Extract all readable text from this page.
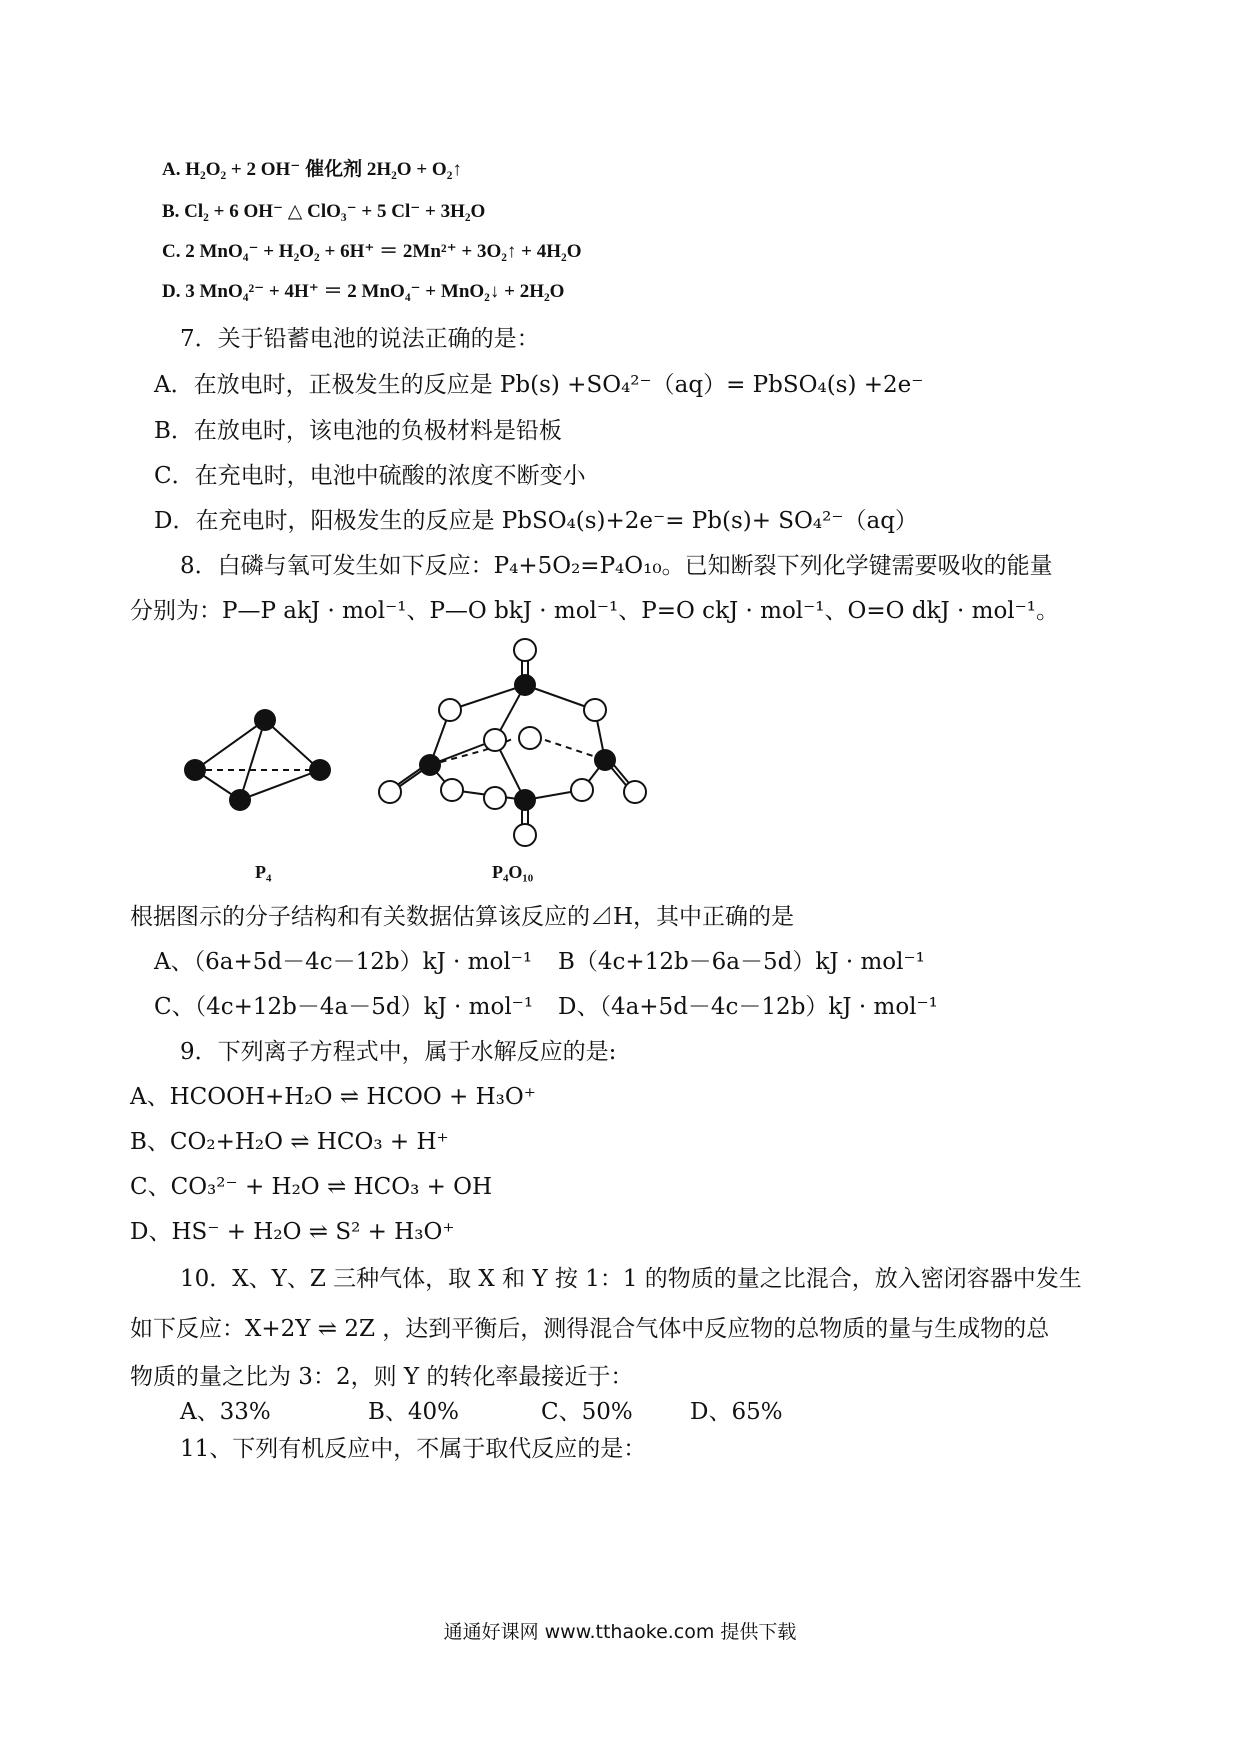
A. H₂O₂ + 2 OH⁻ 催化剂 2H₂O + O₂↑
B. Cl₂ + 6 OH⁻ △ ClO₃⁻ + 5 Cl⁻ + 3H₂O
C. 2 MnO₄⁻ + H₂O₂ + 6H⁺ ＝ 2Mn²⁺ + 3O₂↑ + 4H₂O
D. 3 MnO₄²⁻ + 4H⁺ ＝ 2 MnO₄⁻ + MnO₂↓ + 2H₂O
7．关于铅蓄电池的说法正确的是：
A．在放电时，正极发生的反应是 Pb(s) +SO₄²⁻（aq）= PbSO₄(s) +2e⁻
B．在放电时，该电池的负极材料是铅板
C．在充电时，电池中硫酸的浓度不断变小
D．在充电时，阳极发生的反应是 PbSO₄(s)+2e⁻= Pb(s)+ SO₄²⁻（aq）
8．白磷与氧可发生如下反应：P₄+5O₂=P₄O₁₀。已知断裂下列化学键需要吸收的能量
分别为：P—P akJ · mol⁻¹、P—O bkJ · mol⁻¹、P=O ckJ · mol⁻¹、O=O dkJ · mol⁻¹。
P₄	P₄O₁₀
根据图示的分子结构和有关数据估算该反应的⊿H，其中正确的是
A、（6a+5d－4c－12b）kJ · mol⁻¹ B（4c+12b－6a－5d）kJ · mol⁻¹
C、（4c+12b－4a－5d）kJ · mol⁻¹ D、（4a+5d－4c－12b）kJ · mol⁻¹
9．下列离子方程式中，属于水解反应的是:
A、HCOOH+H₂O ⇌ HCOO + H₃O⁺
B、CO₂+H₂O ⇌ HCO₃ + H⁺
C、CO₃²⁻ + H₂O ⇌ HCO₃ + OH
D、HS⁻ + H₂O ⇌ S² + H₃O⁺
10．X、Y、Z 三种气体，取 X 和 Y 按 1：1 的物质的量之比混合，放入密闭容器中发生
如下反应：X+2Y ⇌ 2Z ，达到平衡后，测得混合气体中反应物的总物质的量与生成物的总
物质的量之比为 3：2，则 Y 的转化率最接近于：
A、33%	B、40%	C、50% D、65%
11、下列有机反应中，不属于取代反应的是：
通通好课网 www.tthaoke.com 提供下载
